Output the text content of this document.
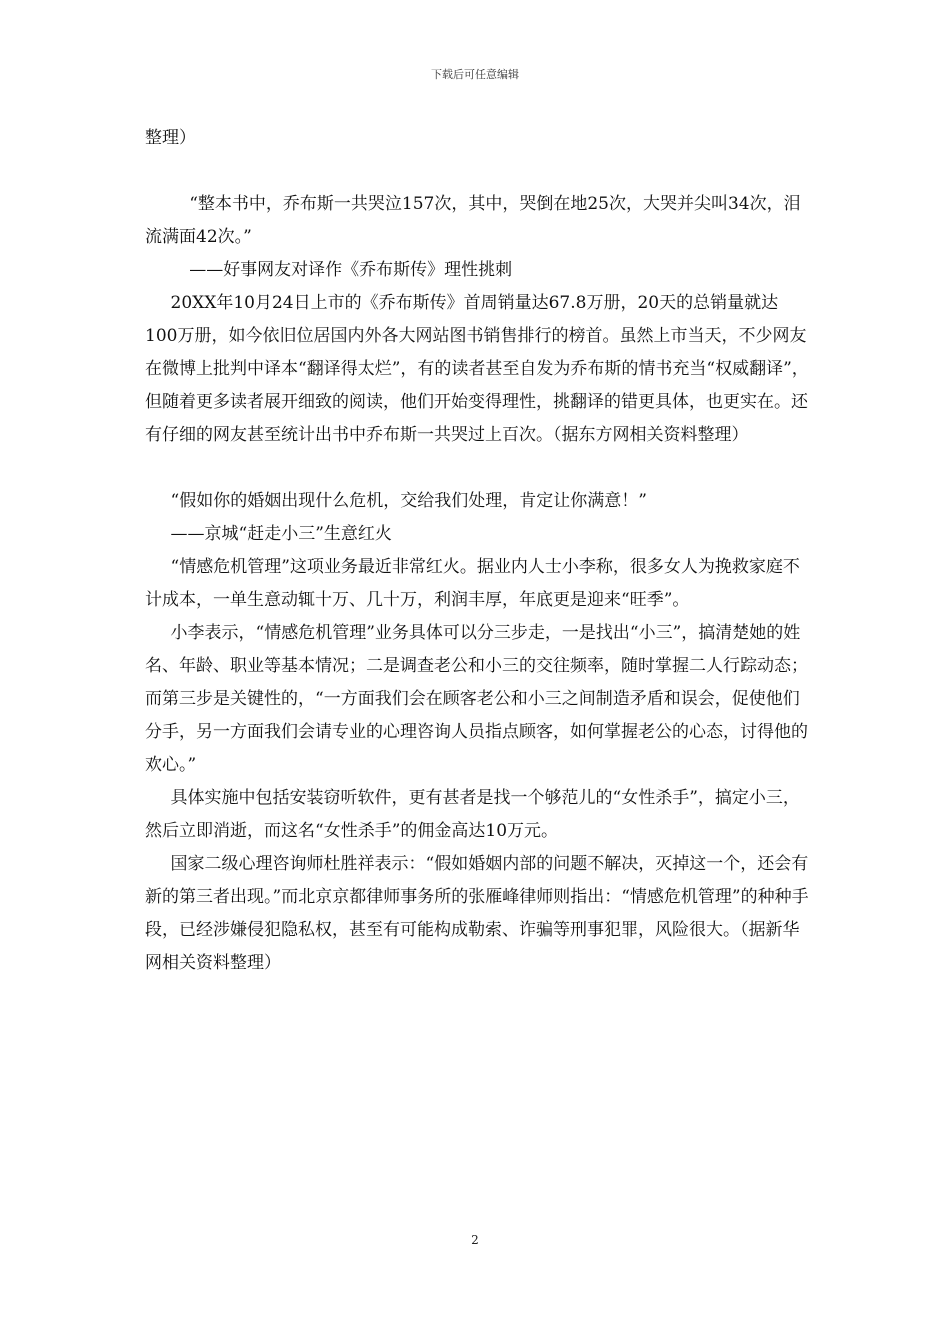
下载后可任意编辑

整理）

“整本书中，乔布斯一共哭泣157次，其中，哭倒在地25次，大哭并尖叫34次，泪流满面42次。”

——好事网友对译作《乔布斯传》理性挑刺

20XX年10月24日上市的《乔布斯传》首周销量达67.8万册，20天的总销量就达100万册，如今依旧位居国内外各大网站图书销售排行的榜首。虽然上市当天，不少网友在微博上批判中译本“翻译得太烂”，有的读者甚至自发为乔布斯的情书充当“权威翻译”，但随着更多读者展开细致的阅读，他们开始变得理性，挑翻译的错更具体，也更实在。还有仔细的网友甚至统计出书中乔布斯一共哭过上百次。（据东方网相关资料整理）

“假如你的婚姻出现什么危机，交给我们处理，肯定让你满意！”

——京城“赶走小三”生意红火

“情感危机管理”这项业务最近非常红火。据业内人士小李称，很多女人为挽救家庭不计成本，一单生意动辄十万、几十万，利润丰厚，年底更是迎来“旺季”。

小李表示，“情感危机管理”业务具体可以分三步走，一是找出“小三”，搞清楚她的姓名、年龄、职业等基本情况；二是调查老公和小三的交往频率，随时掌握二人行踪动态；而第三步是关键性的，“一方面我们会在顾客老公和小三之间制造矛盾和误会，促使他们分手，另一方面我们会请专业的心理咨询人员指点顾客，如何掌握老公的心态，讨得他的欢心。”

具体实施中包括安装窃听软件，更有甚者是找一个够范儿的“女性杀手”，搞定小三，然后立即消逝，而这名“女性杀手”的佣金高达10万元。

国家二级心理咨询师杜胜祥表示：“假如婚姻内部的问题不解决，灭掉这一个，还会有新的第三者出现。”而北京京都律师事务所的张雁峰律师则指出：“情感危机管理”的种种手段，已经涉嫌侵犯隐私权，甚至有可能构成勒索、诈骗等刑事犯罪，风险很大。（据新华网相关资料整理）

2
